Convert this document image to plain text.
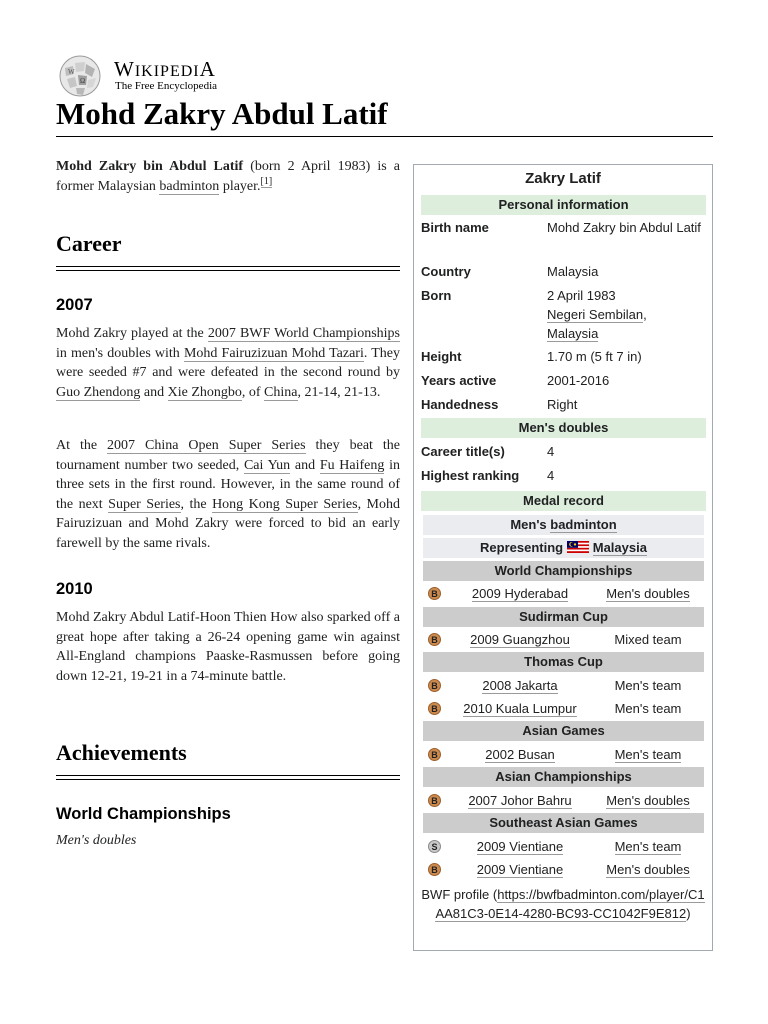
W
Ω WIKIPEDIA
The Free Encyclopedia
Mohd Zakry Abdul Latif

Mohd Zakry bin Abdul Latif (born 2 April 1983) is a former Malaysian badminton player.[1]

Career
2007

Mohd Zakry played at the 2007 BWF World Championships in men's doubles with Mohd Fairuzizuan Mohd Tazari. They were seeded #7 and were defeated in the second round by Guo Zhendong and Xie Zhongbo, of China, 21-14, 21-13.

At the 2007 China Open Super Series they beat the tournament number two seeded, Cai Yun and Fu Haifeng in three sets in the first round. However, in the same round of the next Super Series, the Hong Kong Super Series, Mohd Fairuzizuan and Mohd Zakry were forced to bid an early farewell by the same rivals.

2010

Mohd Zakry Abdul Latif-Hoon Thien How also sparked off a great hope after taking a 26-24 opening game win against All-England champions Paaske-Rasmussen before going down 12-21, 19-21 in a 74-minute battle.

Achievements
World Championships

Men's doubles

Zakry Latif
Personal information
Birth name	Mohd Zakry bin Abdul Latif
Country	Malaysia
Born	2 April 1983
Negeri Sembilan,
Malaysia
Height	1.70 m (5 ft 7 in)
Years active	2001-2016
Handedness	Right
Men's doubles
Career title(s)	4
Highest ranking 4
Medal record
Men's badminton
Representing Malaysia
World Championships
B	2009 Hyderabad	Men's doubles
Sudirman Cup
B	2009 Guangzhou	Mixed team
Thomas Cup
B	2008 Jakarta	Men's team
B	2010 Kuala Lumpur	Men's team
Asian Games
B	2002 Busan	Men's team
Asian Championships
B	2007 Johor Bahru	Men's doubles
Southeast Asian Games
S	2009 Vientiane	Men's team
B	2009 Vientiane	Men's doubles
BWF profile (https://bwfbadminton.com/player/C1AA81C3-0E14-4280-BC93-CC1042F9E812)
